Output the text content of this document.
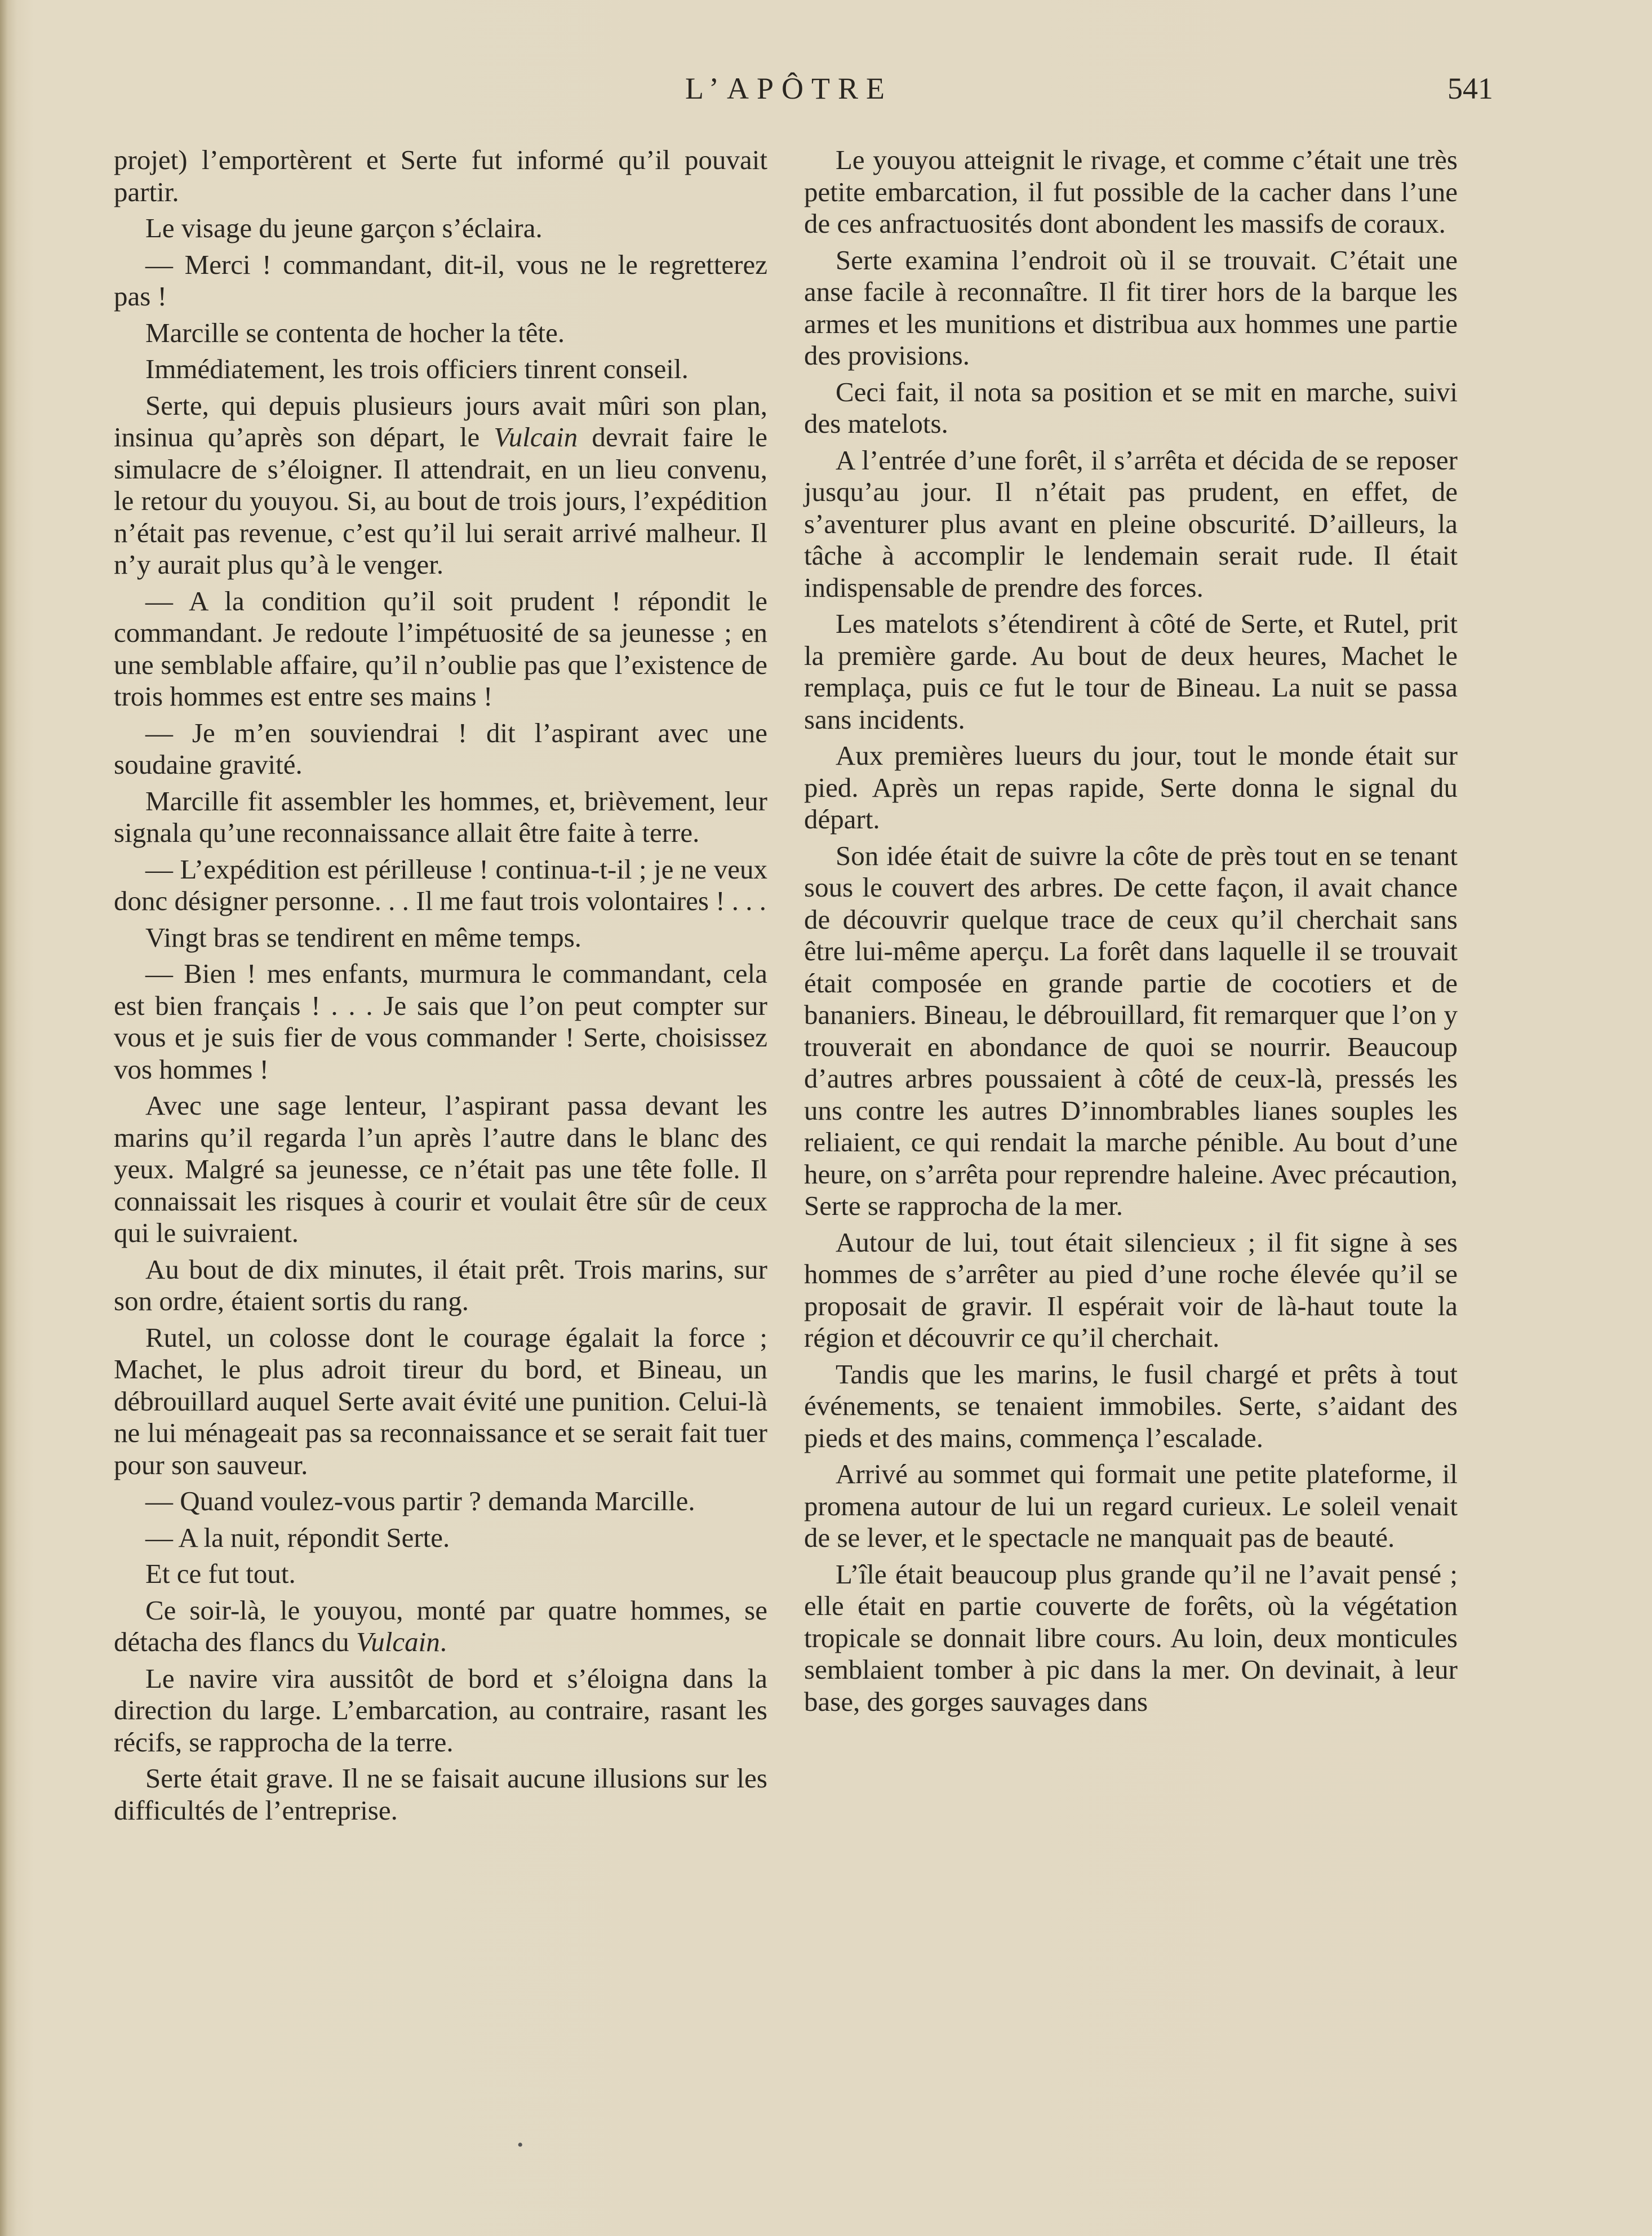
L’APÔTRE	541

projet) l’emportèrent et Serte fut informé qu’il pouvait partir.

Le visage du jeune garçon s’éclaira.

— Merci ! commandant, dit-il, vous ne le regretterez pas !

Marcille se contenta de hocher la tête.

Immédiatement, les trois officiers tinrent conseil.

Serte, qui depuis plusieurs jours avait mûri son plan, insinua qu’après son départ, le Vulcain devrait faire le simulacre de s’éloigner. Il attendrait, en un lieu convenu, le retour du youyou. Si, au bout de trois jours, l’expédition n’était pas revenue, c’est qu’il lui serait arrivé malheur. Il n’y aurait plus qu’à le venger.

— A la condition qu’il soit prudent ! répondit le commandant. Je redoute l’impétuosité de sa jeunesse ; en une semblable affaire, qu’il n’oublie pas que l’existence de trois hommes est entre ses mains !

— Je m’en souviendrai ! dit l’aspirant avec une soudaine gravité.

Marcille fit assembler les hommes, et, brièvement, leur signala qu’une reconnaissance allait être faite à terre.

— L’expédition est périlleuse ! continua-t-il ; je ne veux donc désigner personne. . . Il me faut trois volontaires ! . . .

Vingt bras se tendirent en même temps.

— Bien ! mes enfants, murmura le commandant, cela est bien français ! . . . Je sais que l’on peut compter sur vous et je suis fier de vous commander ! Serte, choisissez vos hommes !

Avec une sage lenteur, l’aspirant passa devant les marins qu’il regarda l’un après l’autre dans le blanc des yeux. Malgré sa jeunesse, ce n’était pas une tête folle. Il connaissait les risques à courir et voulait être sûr de ceux qui le suivraient.

Au bout de dix minutes, il était prêt. Trois marins, sur son ordre, étaient sortis du rang.

Rutel, un colosse dont le courage égalait la force ; Machet, le plus adroit tireur du bord, et Bineau, un débrouillard auquel Serte avait évité une punition. Celui-là ne lui ménageait pas sa reconnaissance et se serait fait tuer pour son sauveur.

— Quand voulez-vous partir ? demanda Marcille.

— A la nuit, répondit Serte.

Et ce fut tout.

Ce soir-là, le youyou, monté par quatre hommes, se détacha des flancs du Vulcain.

Le navire vira aussitôt de bord et s’éloigna dans la direction du large. L’embarcation, au contraire, rasant les récifs, se rapprocha de la terre.

Serte était grave. Il ne se faisait aucune illusions sur les difficultés de l’entreprise.

Le youyou atteignit le rivage, et comme c’était une très petite embarcation, il fut possible de la cacher dans l’une de ces anfractuosités dont abondent les massifs de coraux.

Serte examina l’endroit où il se trouvait. C’était une anse facile à reconnaître. Il fit tirer hors de la barque les armes et les munitions et distribua aux hommes une partie des provisions.

Ceci fait, il nota sa position et se mit en marche, suivi des matelots.

A l’entrée d’une forêt, il s’arrêta et décida de se reposer jusqu’au jour. Il n’était pas prudent, en effet, de s’aventurer plus avant en pleine obscurité. D’ailleurs, la tâche à accomplir le lendemain serait rude. Il était indispensable de prendre des forces.

Les matelots s’étendirent à côté de Serte, et Rutel, prit la première garde. Au bout de deux heures, Machet le remplaça, puis ce fut le tour de Bineau. La nuit se passa sans incidents.

Aux premières lueurs du jour, tout le monde était sur pied. Après un repas rapide, Serte donna le signal du départ.

Son idée était de suivre la côte de près tout en se tenant sous le couvert des arbres. De cette façon, il avait chance de découvrir quelque trace de ceux qu’il cherchait sans être lui-même aperçu. La forêt dans laquelle il se trouvait était composée en grande partie de cocotiers et de bananiers. Bineau, le débrouillard, fit remarquer que l’on y trouverait en abondance de quoi se nourrir. Beaucoup d’autres arbres poussaient à côté de ceux-là, pressés les uns contre les autres D’innombrables lianes souples les reliaient, ce qui rendait la marche pénible. Au bout d’une heure, on s’arrêta pour reprendre haleine. Avec précaution, Serte se rapprocha de la mer.

Autour de lui, tout était silencieux ; il fit signe à ses hommes de s’arrêter au pied d’une roche élevée qu’il se proposait de gravir. Il espérait voir de là-haut toute la région et découvrir ce qu’il cherchait.

Tandis que les marins, le fusil chargé et prêts à tout événements, se tenaient immobiles. Serte, s’aidant des pieds et des mains, commença l’escalade.

Arrivé au sommet qui formait une petite plateforme, il promena autour de lui un regard curieux. Le soleil venait de se lever, et le spectacle ne manquait pas de beauté.

L’île était beaucoup plus grande qu’il ne l’avait pensé ; elle était en partie couverte de forêts, où la végétation tropicale se donnait libre cours. Au loin, deux monticules semblaient tomber à pic dans la mer. On devinait, à leur base, des gorges sauvages dans

•
